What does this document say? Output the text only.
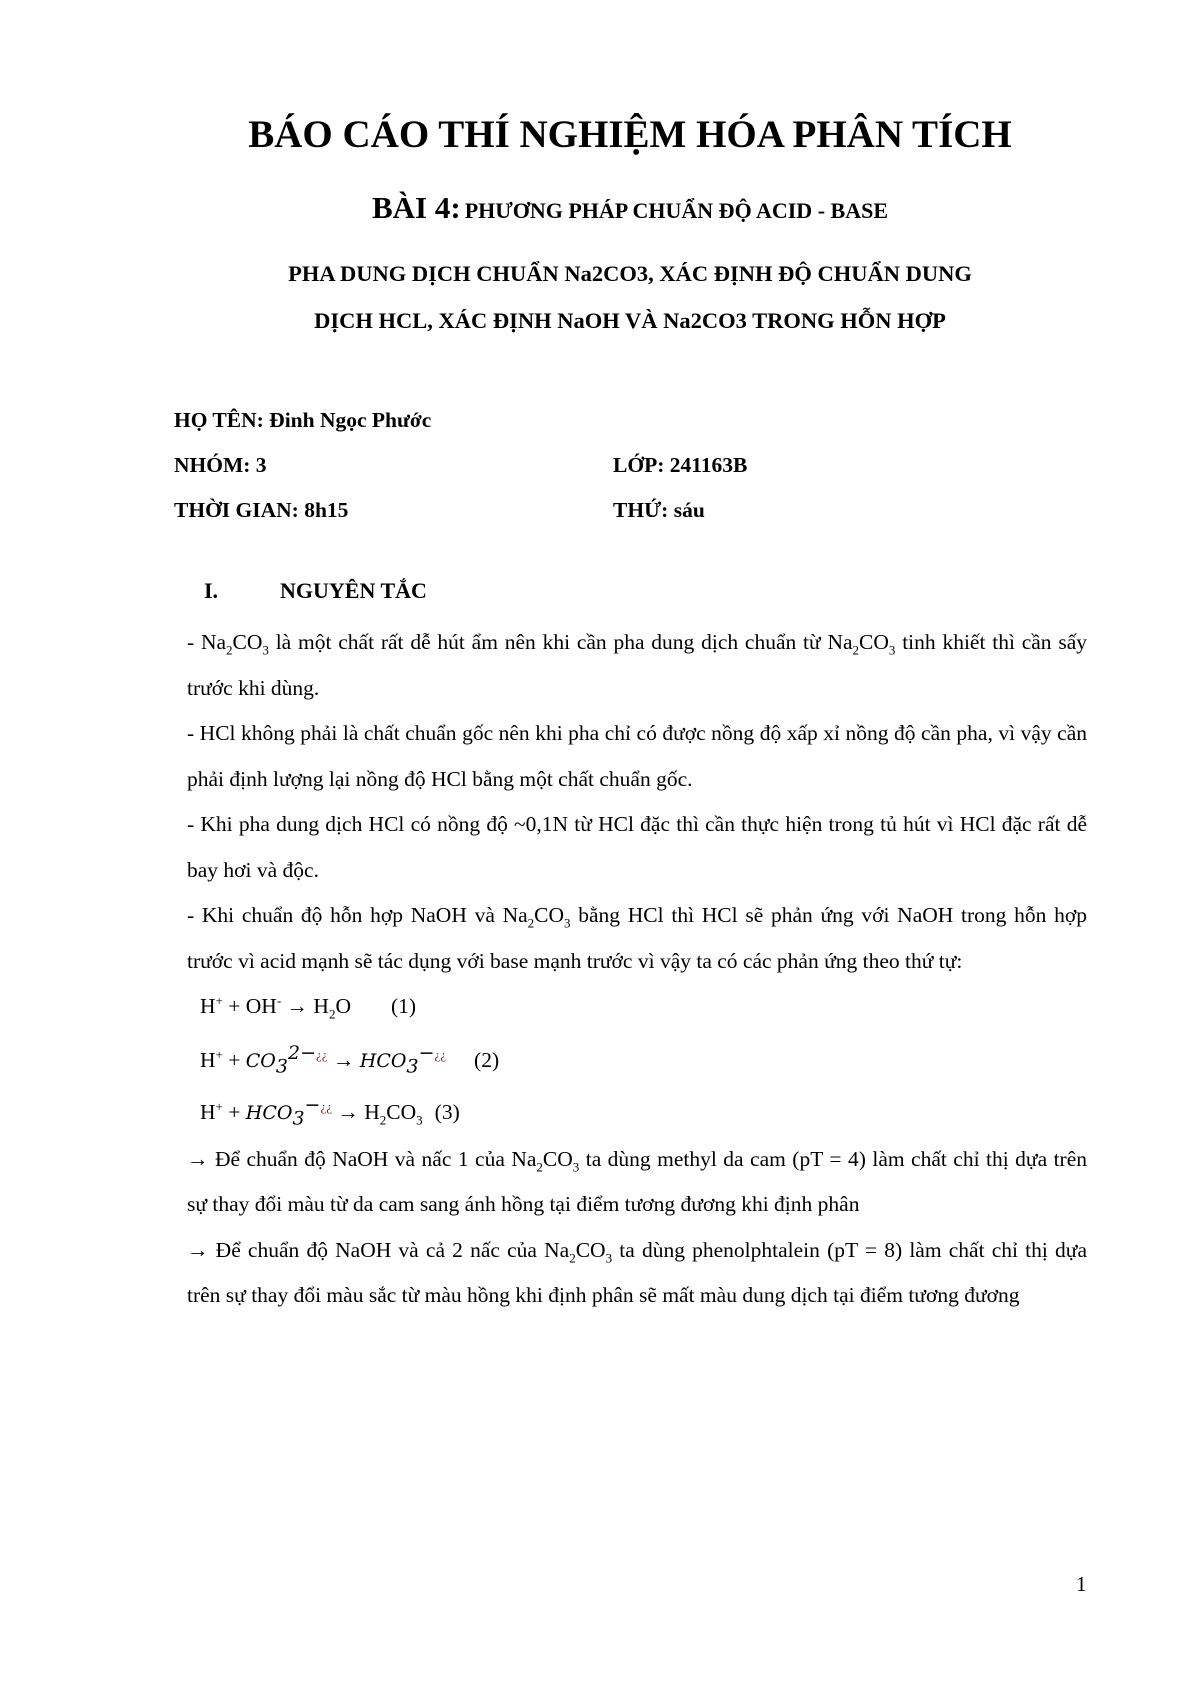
BÁO CÁO THÍ NGHIỆM HÓA PHÂN TÍCH

BÀI 4: PHƯƠNG PHÁP CHUẨN ĐỘ ACID - BASE

PHA DUNG DỊCH CHUẨN Na2CO3, XÁC ĐỊNH ĐỘ CHUẨN DUNG
DỊCH HCL, XÁC ĐỊNH NaOH VÀ Na2CO3 TRONG HỖN HỢP

HỌ TÊN: Đinh Ngọc Phước

NHÓM: 3	LỚP: 241163B

THỜI GIAN: 8h15	THỨ: sáu

I.	NGUYÊN TẮC

- $Na_2CO_3$ là một chất rất dễ hút ẩm nên khi cần pha dung dịch chuẩn từ $Na_2CO_3$ tinh khiết thì cần sấy trước khi dùng.

- HCl không phải là chất chuẩn gốc nên khi pha chỉ có được nồng độ xấp xỉ nồng độ cần pha, vì vậy cần phải định lượng lại nồng độ HCl bằng một chất chuẩn gốc.

- Khi pha dung dịch HCl có nồng độ ~0,1N từ HCl đặc thì cần thực hiện trong tủ hút vì HCl đặc rất dễ bay hơi và độc.

- Khi chuẩn độ hỗn hợp NaOH và $Na_2CO_3$ bằng HCl thì HCl sẽ phản ứng với NaOH trong hỗn hợp trước vì acid mạnh sẽ tác dụng với base mạnh trước vì vậy ta có các phản ứng theo thứ tự:

$H^+ + OH^- \to H_2O$ (1)

$H^+ + CO_3^{2-¿¿} \to HCO_3^{-¿¿}$ (2)

$H^+ + HCO_3^{-¿¿} \to H_2CO_3$ (3)

→ Để chuẩn độ NaOH và nấc 1 của $Na_2CO_3$ ta dùng methyl da cam (pT = 4) làm chất chỉ thị dựa trên sự thay đổi màu từ da cam sang ánh hồng tại điểm tương đương khi định phân

→ Để chuẩn độ NaOH và cả 2 nấc của $Na_2CO_3$ ta dùng phenolphtalein (pT = 8) làm chất chỉ thị dựa trên sự thay đổi màu sắc từ màu hồng khi định phân sẽ mất màu dung dịch tại điểm tương đương

1
